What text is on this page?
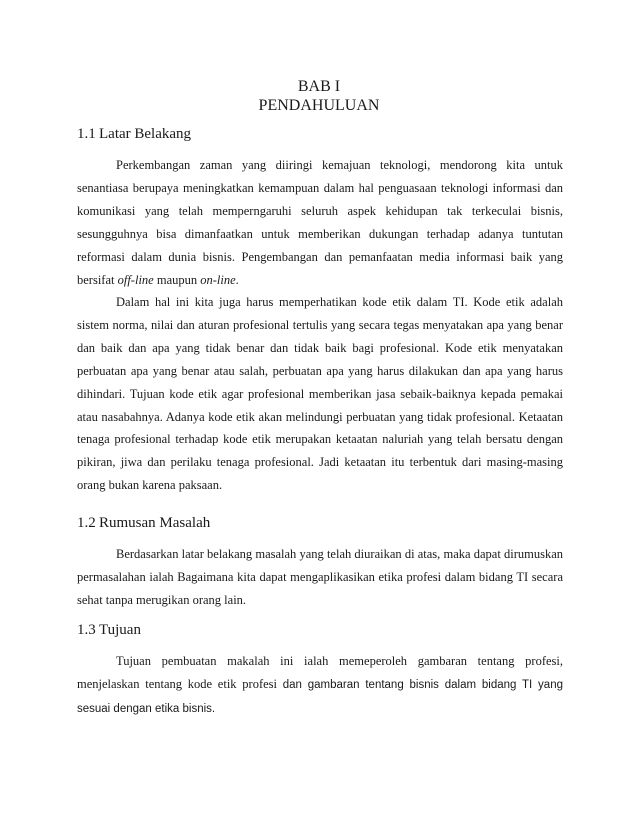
BAB I
PENDAHULUAN
1.1 Latar Belakang

Perkembangan zaman yang diiringi kemajuan teknologi, mendorong kita untuk senantiasa berupaya meningkatkan kemampuan dalam hal penguasaan teknologi informasi dan komunikasi yang telah memperngaruhi seluruh aspek kehidupan tak terkeculai bisnis, sesungguhnya bisa dimanfaatkan untuk memberikan dukungan terhadap adanya tuntutan reformasi dalam dunia bisnis. Pengembangan dan pemanfaatan media informasi baik yang bersifat off-line maupun on-line.

Dalam hal ini kita juga harus memperhatikan kode etik dalam TI. Kode etik adalah sistem norma, nilai dan aturan profesional tertulis yang secara tegas menyatakan apa yang benar dan baik dan apa yang tidak benar dan tidak baik bagi profesional. Kode etik menyatakan perbuatan apa yang benar atau salah, perbuatan apa yang harus dilakukan dan apa yang harus dihindari. Tujuan kode etik agar profesional memberikan jasa sebaik-baiknya kepada pemakai atau nasabahnya. Adanya kode etik akan melindungi perbuatan yang tidak profesional. Ketaatan tenaga profesional terhadap kode etik merupakan ketaatan naluriah yang telah bersatu dengan pikiran, jiwa dan perilaku tenaga profesional. Jadi ketaatan itu terbentuk dari masing-masing orang bukan karena paksaan.

1.2 Rumusan Masalah

Berdasarkan latar belakang masalah yang telah diuraikan di atas, maka dapat dirumuskan permasalahan ialah Bagaimana kita dapat mengaplikasikan etika profesi dalam bidang TI secara sehat tanpa merugikan orang lain.

1.3 Tujuan

Tujuan pembuatan makalah ini ialah memeperoleh gambaran tentang profesi, menjelaskan tentang kode etik profesi dan gambaran tentang bisnis dalam bidang TI yang sesuai dengan etika bisnis.
